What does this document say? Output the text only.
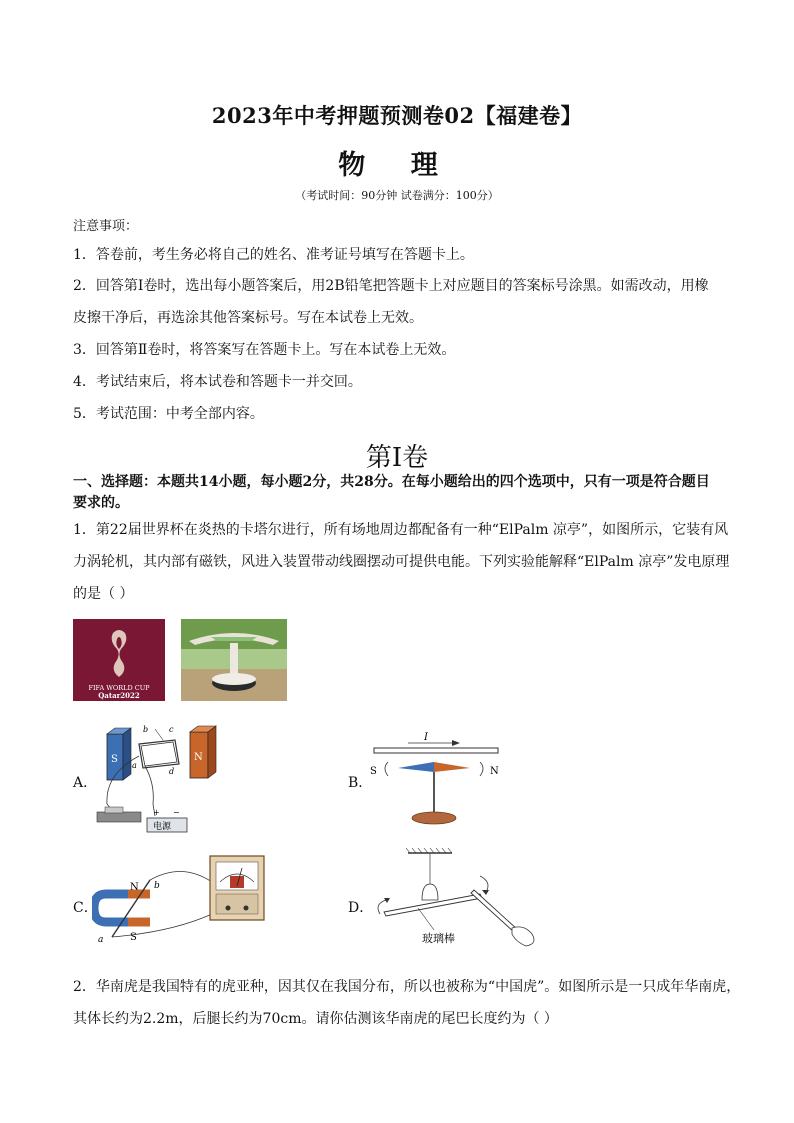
2023年中考押题预测卷02【福建卷】
物 理
（考试时间：90分钟 试卷满分：100分）
注意事项：
1．答卷前，考生务必将自己的姓名、准考证号填写在答题卡上。
2．回答第Ⅰ卷时，选出每小题答案后，用2B铅笔把答题卡上对应题目的答案标号涂黑。如需改动，用橡
皮擦干净后，再选涂其他答案标号。写在本试卷上无效。
3．回答第Ⅱ卷时，将答案写在答题卡上。写在本试卷上无效。
4．考试结束后，将本试卷和答题卡一并交回。
5．考试范围：中考全部内容。
第Ⅰ卷
一、选择题：本题共14小题，每小题2分，共28分。在每小题给出的四个选项中，只有一项是符合题目
要求的。
1．第22届世界杯在炎热的卡塔尔进行，所有场地周边都配备有一种“ElPalm 凉亭”，如图所示，它装有风
力涡轮机，其内部有磁铁，风进入装置带动线圈摆动可提供电能。下列实验能解释“ElPalm 凉亭”发电原理
的是（ ）
FIFA WORLD CUP
Qatar2022
A．
S	N
b	c
a
d
电源
+ −
B．
I
S	N
C．
N
S
a
b
D．
玻璃棒
2．华南虎是我国特有的虎亚种，因其仅在我国分布，所以也被称为“中国虎”。如图所示是一只成年华南虎，
其体长约为2.2m，后腿长约为70cm。请你估测该华南虎的尾巴长度约为（ ）
